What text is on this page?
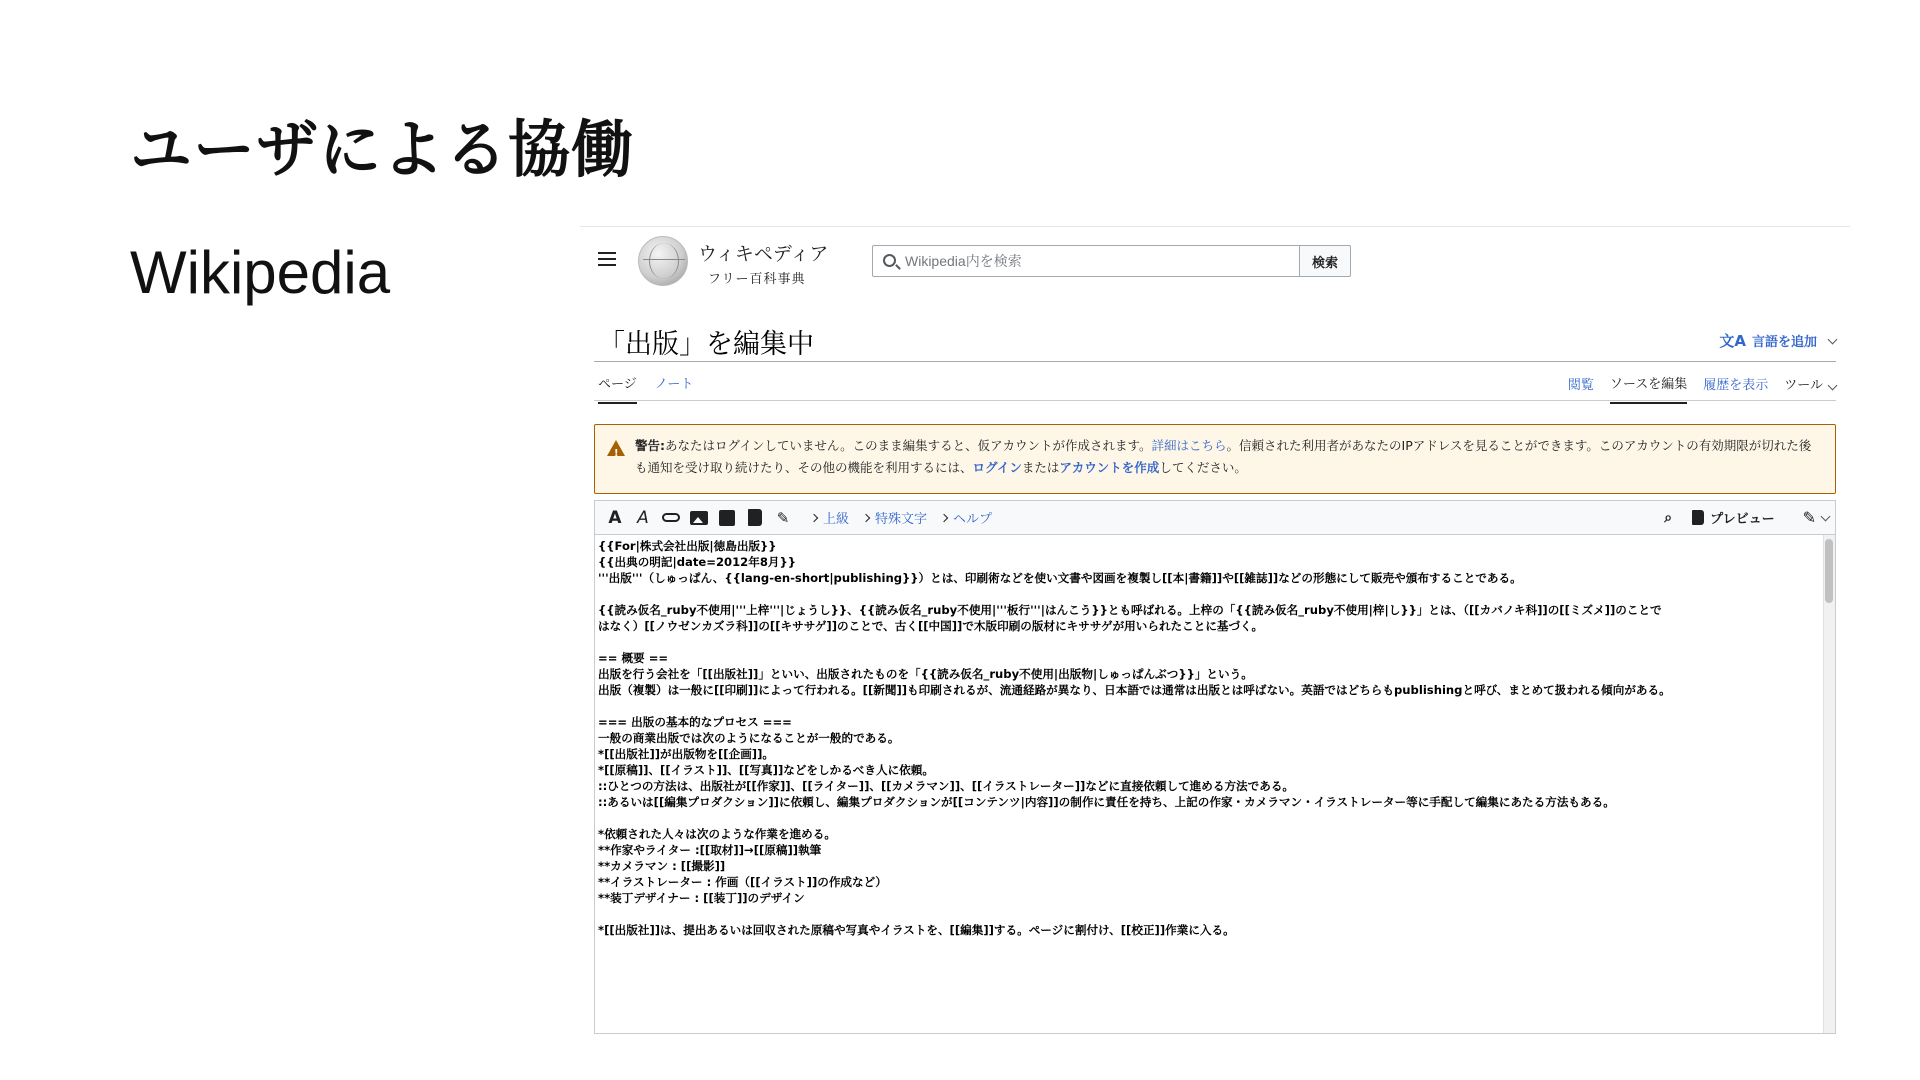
ユーザによる協働
Wikipedia	ウィキペディア
フリー百科事典
Wikipedia内を検索	検索
「出版」を編集中	文A 言語を追加
ページ ノート	閲覧 ソースを編集 履歴を表示 ツール
!
警告:あなたはログインしていません。このまま編集すると、仮アカウントが作成されます。詳細はこちら。信頼された利用者があなたのIPアドレスを見ることができます。このアカウントの有効期限が切れた後も通知を受け取り続けたり、その他の機能を利用するには、ログインまたはアカウントを作成してください。
A A	✎	上級 特殊文字 ヘルプ	⌕	プレビュー ✎
{{For|株式会社出版|徳島出版}}
{{出典の明記|date=2012年8月}}
'''出版'''（しゅっぱん、{{lang-en-short|publishing}}）とは、印刷術などを使い文書や図画を複製し[[本|書籍]]や[[雑誌]]などの形態にして販売や頒布することである。
{{読み仮名_ruby不使用|'''上梓'''|じょうし}}、{{読み仮名_ruby不使用|'''板行'''|はんこう}}とも呼ばれる。上梓の「{{読み仮名_ruby不使用|梓|し}}」とは、（[[カバノキ科]]の[[ミズメ]]のことで
はなく）[[ノウゼンカズラ科]]の[[キササゲ]]のことで、古く[[中国]]で木版印刷の版材にキササゲが用いられたことに基づく。
== 概要 ==
出版を行う会社を「[[出版社]]」といい、出版されたものを「{{読み仮名_ruby不使用|出版物|しゅっぱんぶつ}}」という。
出版（複製）は一般に[[印刷]]によって行われる。[[新聞]]も印刷されるが、流通経路が異なり、日本語では通常は出版とは呼ばない。英語ではどちらもpublishingと呼び、まとめて扱われる傾向がある。
=== 出版の基本的なプロセス ===
一般の商業出版では次のようになることが一般的である。
*[[出版社]]が出版物を[[企画]]。
*[[原稿]]、[[イラスト]]、[[写真]]などをしかるべき人に依頼。
::ひとつの方法は、出版社が[[作家]]、[[ライター]]、[[カメラマン]]、[[イラストレーター]]などに直接依頼して進める方法である。
::あるいは[[編集プロダクション]]に依頼し、編集プロダクションが[[コンテンツ|内容]]の制作に責任を持ち、上記の作家・カメラマン・イラストレーター等に手配して編集にあたる方法もある。
*依頼された人々は次のような作業を進める。
**作家やライター :[[取材]]→[[原稿]]執筆
**カメラマン : [[撮影]]
**イラストレーター : 作画（[[イラスト]]の作成など）
**装丁デザイナー : [[装丁]]のデザイン
*[[出版社]]は、提出あるいは回収された原稿や写真やイラストを、[[編集]]する。ページに割付け、[[校正]]作業に入る。
